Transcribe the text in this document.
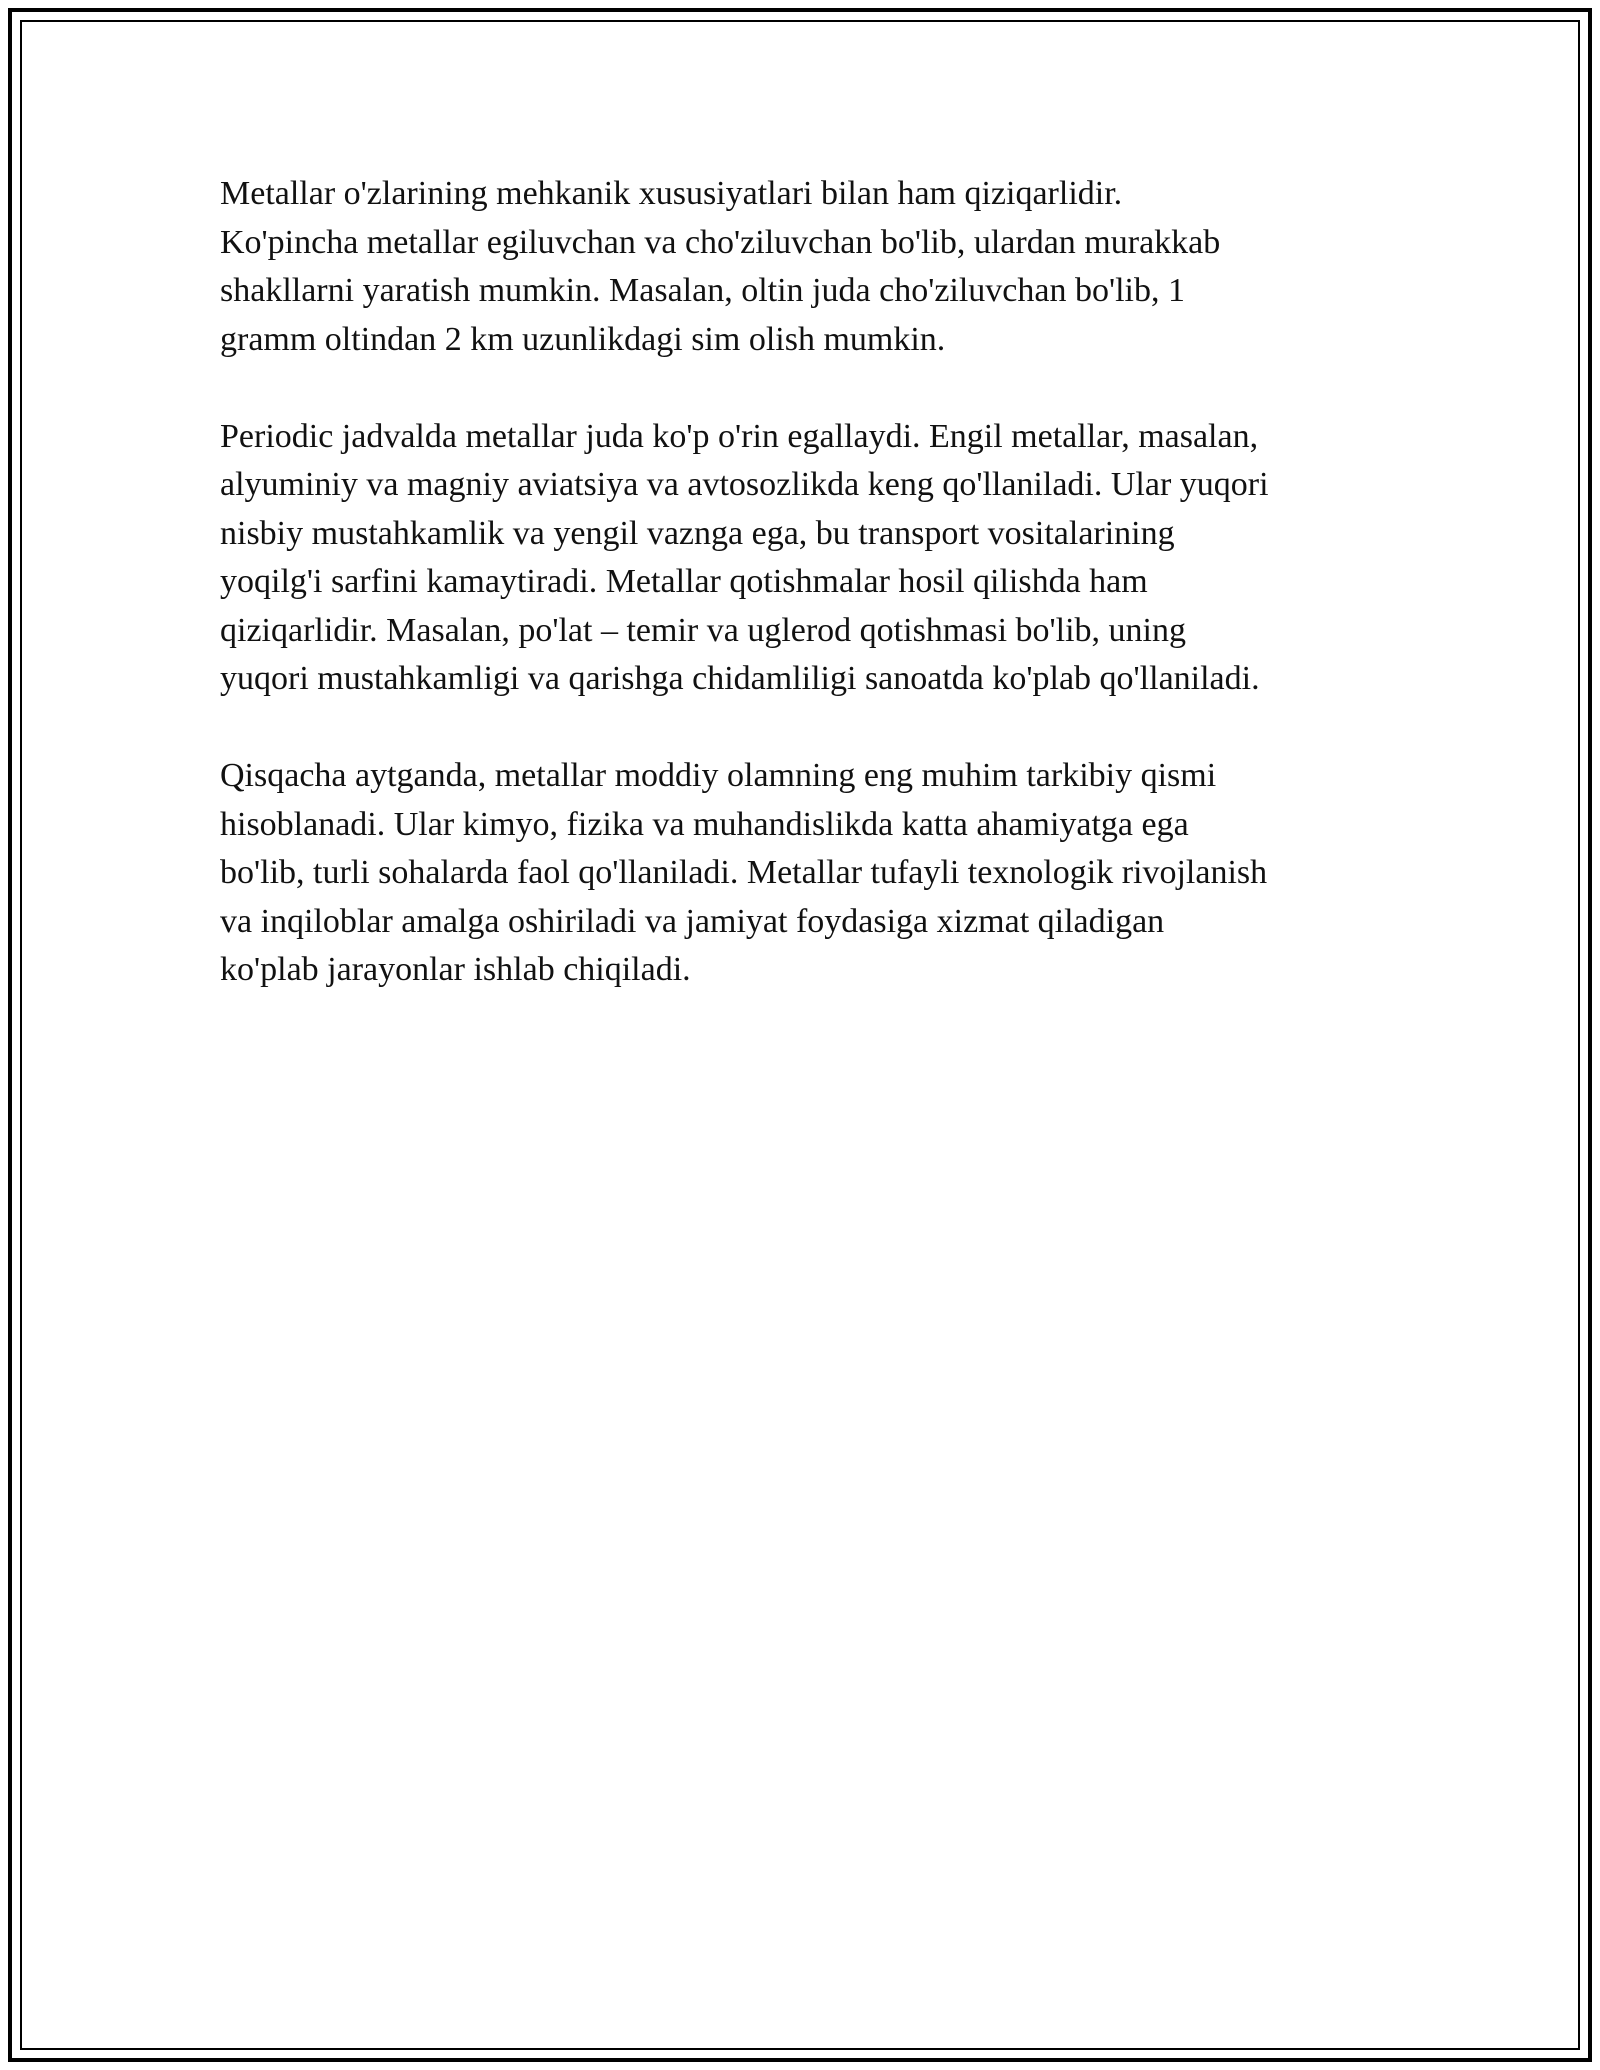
Metallar o'zlarining mehkanik xususiyatlari bilan ham qiziqarlidir.
Ko'pincha metallar egiluvchan va cho'ziluvchan bo'lib, ulardan murakkab
shakllarni yaratish mumkin. Masalan, oltin juda cho'ziluvchan bo'lib, 1
gramm oltindan 2 km uzunlikdagi sim olish mumkin.

Periodic jadvalda metallar juda ko'p o'rin egallaydi. Engil metallar, masalan,
alyuminiy va magniy aviatsiya va avtosozlikda keng qo'llaniladi. Ular yuqori
nisbiy mustahkamlik va yengil vaznga ega, bu transport vositalarining
yoqilg'i sarfini kamaytiradi. Metallar qotishmalar hosil qilishda ham
qiziqarlidir. Masalan, po'lat – temir va uglerod qotishmasi bo'lib, uning
yuqori mustahkamligi va qarishga chidamliligi sanoatda ko'plab qo'llaniladi.

Qisqacha aytganda, metallar moddiy olamning eng muhim tarkibiy qismi
hisoblanadi. Ular kimyo, fizika va muhandislikda katta ahamiyatga ega
bo'lib, turli sohalarda faol qo'llaniladi. Metallar tufayli texnologik rivojlanish
va inqiloblar amalga oshiriladi va jamiyat foydasiga xizmat qiladigan
ko'plab jarayonlar ishlab chiqiladi.
